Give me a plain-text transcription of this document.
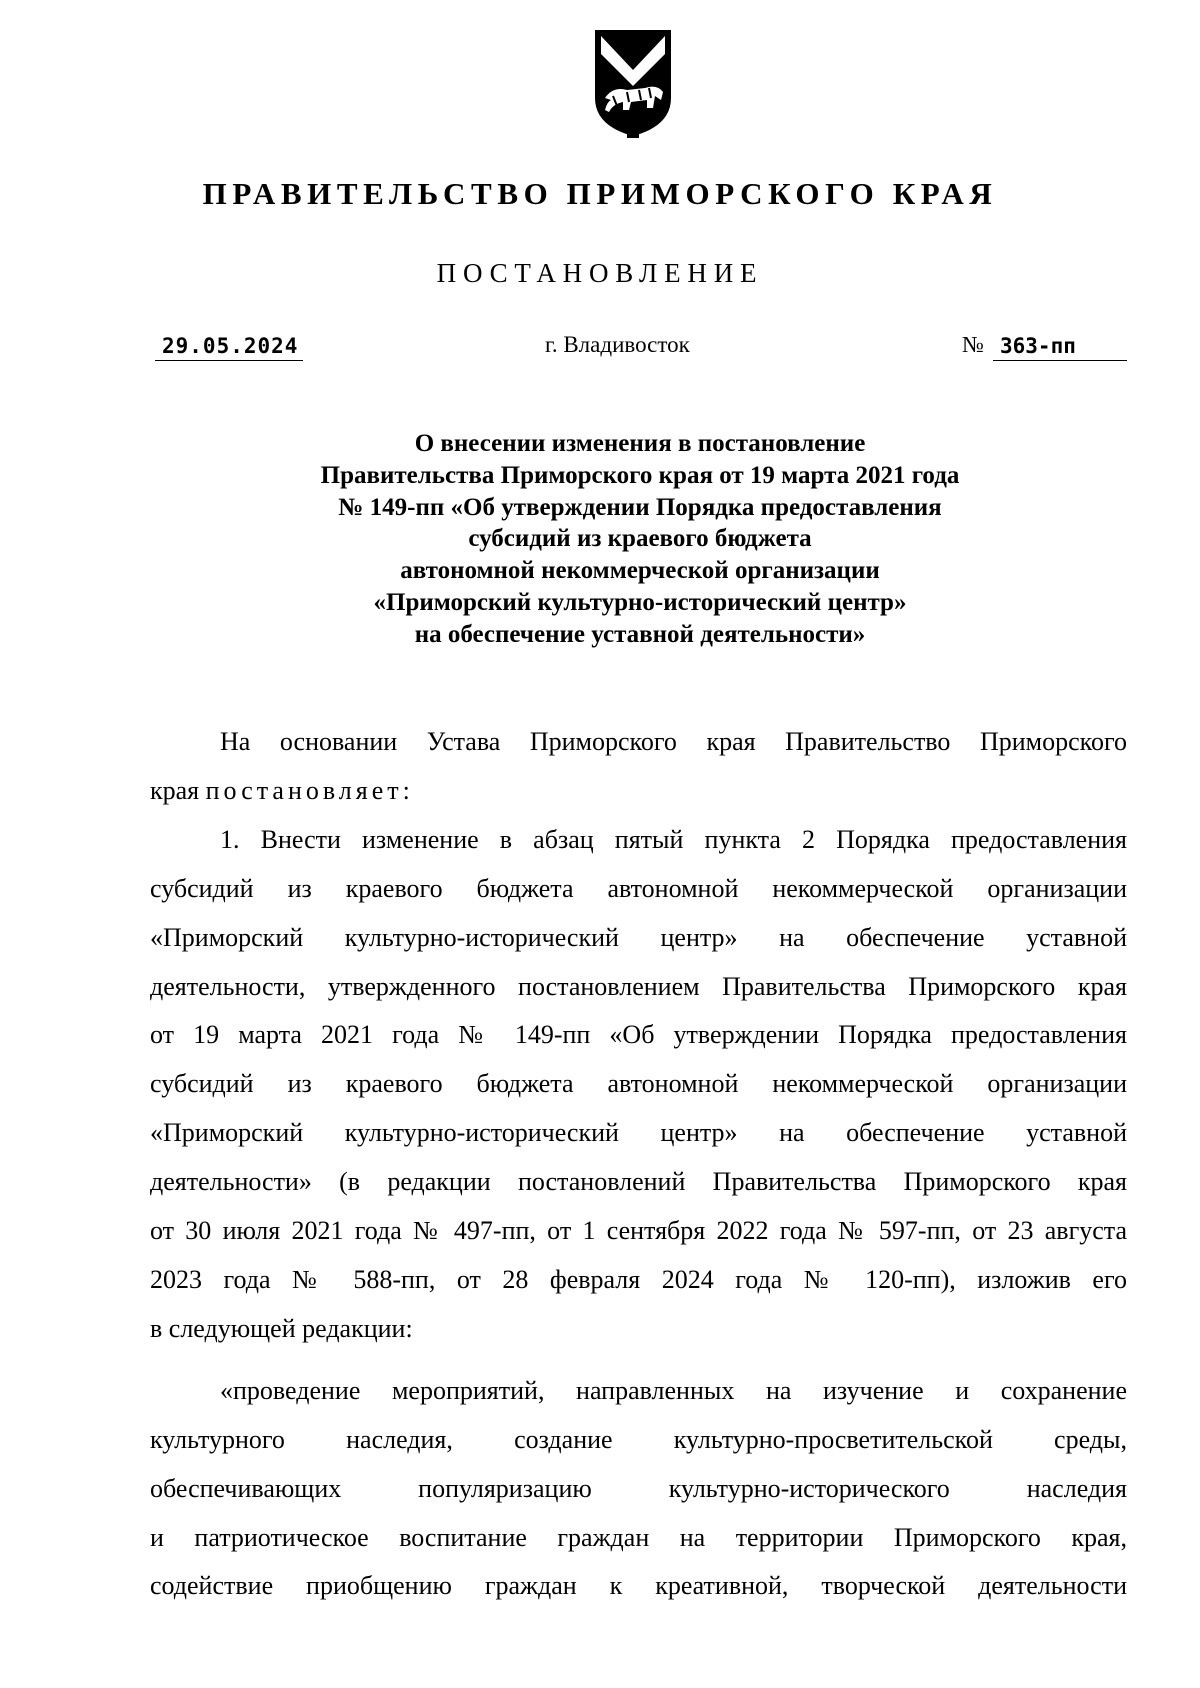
ПРАВИТЕЛЬСТВО ПРИМОРСКОГО КРАЯ
ПОСТАНОВЛЕНИЕ
29.05.2024	г. Владивосток	№ 363-пп
О внесении изменения в постановление
Правительства Приморского края от 19 марта 2021 года
№ 149-пп «Об утверждении Порядка предоставления
субсидий из краевого бюджета
автономной некоммерческой организации
«Приморский культурно-исторический центр»
на обеспечение уставной деятельности»

На основании Устава Приморского края Правительство Приморского

края постановляет:

1. Внести изменение в абзац пятый пункта 2 Порядка предоставления

субсидий из краевого бюджета автономной некоммерческой организации

«Приморский культурно-исторический центр» на обеспечение уставной

деятельности, утвержденного постановлением Правительства Приморского края

от 19 марта 2021 года № 149-пп «Об утверждении Порядка предоставления

субсидий из краевого бюджета автономной некоммерческой организации

«Приморский культурно-исторический центр» на обеспечение уставной

деятельности» (в редакции постановлений Правительства Приморского края

от 30 июля 2021 года № 497-пп, от 1 сентября 2022 года № 597-пп, от 23 августа

2023 года № 588-пп, от 28 февраля 2024 года № 120-пп), изложив его

в следующей редакции:

«проведение мероприятий, направленных на изучение и сохранение

культурного наследия, создание культурно-просветительской среды,

обеспечивающих популяризацию культурно-исторического наследия

и патриотическое воспитание граждан на территории Приморского края,

содействие приобщению граждан к креативной, творческой деятельности
